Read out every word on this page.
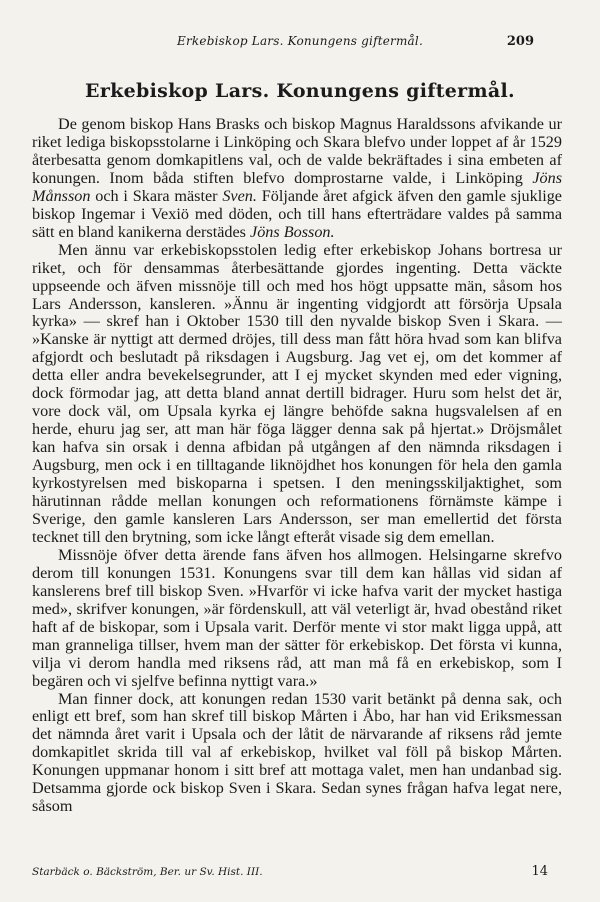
Erkebiskop Lars. Konungens giftermål.	209
Erkebiskop Lars. Konungens giftermål.

De genom biskop Hans Brasks och biskop Magnus Haraldssons afvikande ur riket lediga biskopsstolarne i Linköping och Skara blefvo under loppet af år 1529 återbesatta genom domkapitlens val, och de valde bekräftades i sina embeten af konungen. Inom båda stiften blefvo domprostarne valde, i Linköping Jöns Månsson och i Skara mäster Sven. Följande året afgick äfven den gamle sjuklige biskop Ingemar i Vexiö med döden, och till hans efterträdare valdes på samma sätt en bland kanikerna derstädes Jöns Bosson.

Men ännu var erkebiskopsstolen ledig efter erkebiskop Johans bortresa ur riket, och för densammas återbesättande gjordes ingenting. Detta väckte uppseende och äfven missnöje till och med hos högt uppsatte män, såsom hos Lars Andersson, kansleren. »Ännu är ingenting vidgjordt att försörja Upsala kyrka» — skref han i Oktober 1530 till den nyvalde biskop Sven i Skara. — »Kanske är nyttigt att dermed dröjes, till dess man fått höra hvad som kan blifva afgjordt och beslutadt på riksdagen i Augsburg. Jag vet ej, om det kommer af detta eller andra bevekelsegrunder, att I ej mycket skynden med eder vigning, dock förmodar jag, att detta bland annat dertill bidrager. Huru som helst det är, vore dock väl, om Upsala kyrka ej längre behöfde sakna hugsvalelsen af en herde, ehuru jag ser, att man här föga lägger denna sak på hjertat.» Dröjsmålet kan hafva sin orsak i denna afbidan på utgången af den nämnda riksdagen i Augsburg, men ock i en tilltagande liknöjdhet hos konungen för hela den gamla kyrkostyrelsen med biskoparna i spetsen. I den meningsskiljaktighet, som härutinnan rådde mellan konungen och reformationens förnämste kämpe i Sverige, den gamle kansleren Lars Andersson, ser man emellertid det första tecknet till den brytning, som icke långt efteråt visade sig dem emellan.

Missnöje öfver detta ärende fans äfven hos allmogen. Helsingarne skrefvo derom till konungen 1531. Konungens svar till dem kan hållas vid sidan af kanslerens bref till biskop Sven. »Hvarför vi icke hafva varit der mycket hastiga med», skrifver konungen, »är fördenskull, att väl veterligt är, hvad obestånd riket haft af de biskopar, som i Upsala varit. Derför mente vi stor makt ligga uppå, att man granneliga tillser, hvem man der sätter för erkebiskop. Det första vi kunna, vilja vi derom handla med riksens råd, att man må få en erkebiskop, som I begären och vi sjelfve befinna nyttigt vara.»

Man finner dock, att konungen redan 1530 varit betänkt på denna sak, och enligt ett bref, som han skref till biskop Mårten i Åbo, har han vid Eriksmessan det nämnda året varit i Upsala och der låtit de närvarande af riksens råd jemte domkapitlet skrida till val af erkebiskop, hvilket val föll på biskop Mårten. Konungen uppmanar honom i sitt bref att mottaga valet, men han undanbad sig. Detsamma gjorde ock biskop Sven i Skara. Sedan synes frågan hafva legat nere, såsom

Starbäck o. Bäckström, Ber. ur Sv. Hist. III.	14
